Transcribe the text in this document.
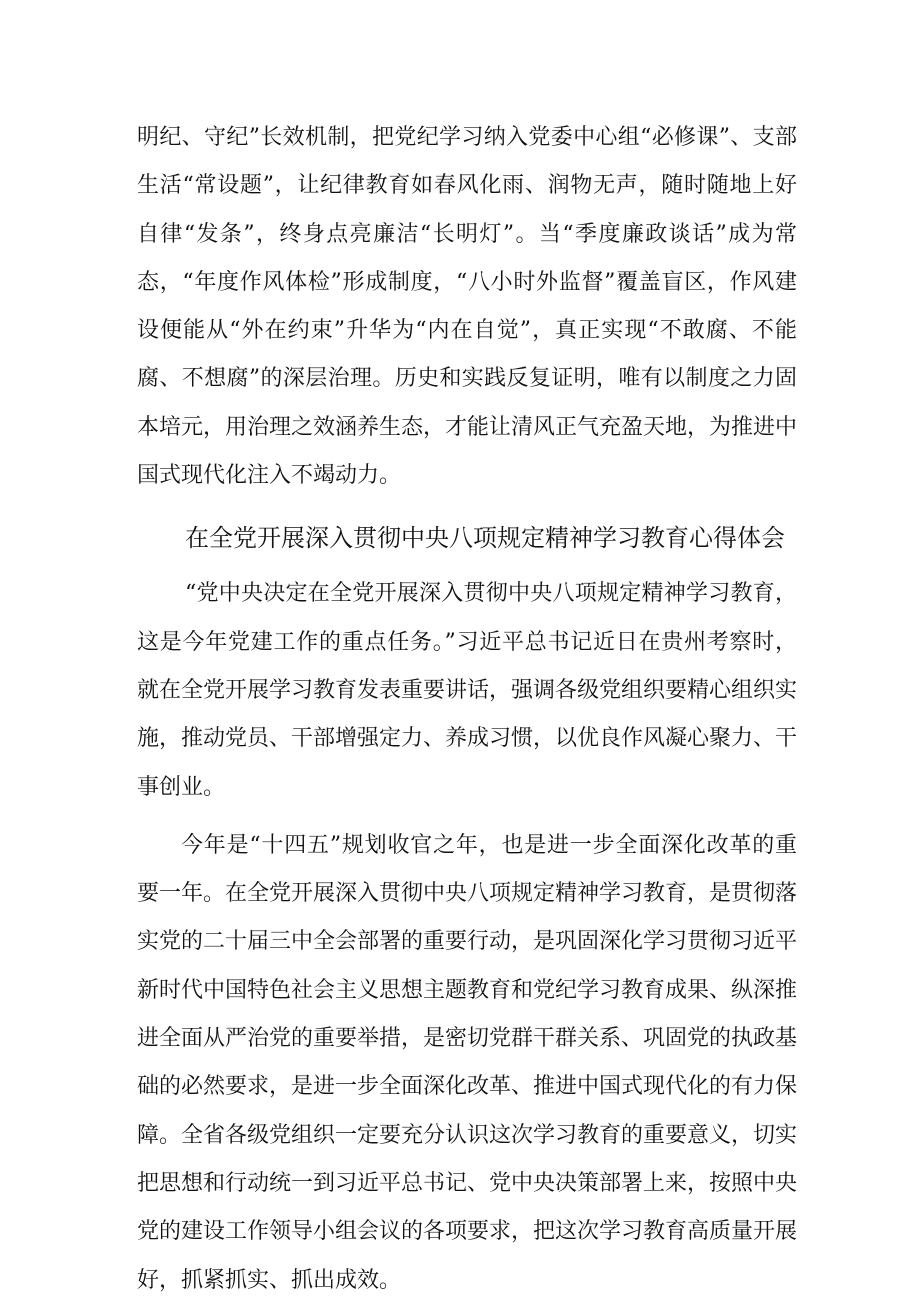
明纪、守纪”长效机制，把党纪学习纳入党委中心组“必修课”、支部生活“常设题”，让纪律教育如春风化雨、润物无声，随时随地上好自律“发条”，终身点亮廉洁“长明灯”。当“季度廉政谈话”成为常态，“年度作风体检”形成制度，“八小时外监督”覆盖盲区，作风建设便能从“外在约束”升华为“内在自觉”，真正实现“不敢腐、不能腐、不想腐”的深层治理。历史和实践反复证明，唯有以制度之力固本培元，用治理之效涵养生态，才能让清风正气充盈天地，为推进中国式现代化注入不竭动力。

在全党开展深入贯彻中央八项规定精神学习教育心得体会

“党中央决定在全党开展深入贯彻中央八项规定精神学习教育，这是今年党建工作的重点任务。”习近平总书记近日在贵州考察时，就在全党开展学习教育发表重要讲话，强调各级党组织要精心组织实施，推动党员、干部增强定力、养成习惯，以优良作风凝心聚力、干事创业。

今年是“十四五”规划收官之年，也是进一步全面深化改革的重要一年。在全党开展深入贯彻中央八项规定精神学习教育，是贯彻落实党的二十届三中全会部署的重要行动，是巩固深化学习贯彻习近平新时代中国特色社会主义思想主题教育和党纪学习教育成果、纵深推进全面从严治党的重要举措，是密切党群干群关系、巩固党的执政基础的必然要求，是进一步全面深化改革、推进中国式现代化的有力保障。全省各级党组织一定要充分认识这次学习教育的重要意义，切实把思想和行动统一到习近平总书记、党中央决策部署上来，按照中央党的建设工作领导小组会议的各项要求，把这次学习教育高质量开展好，抓紧抓实、抓出成效。
